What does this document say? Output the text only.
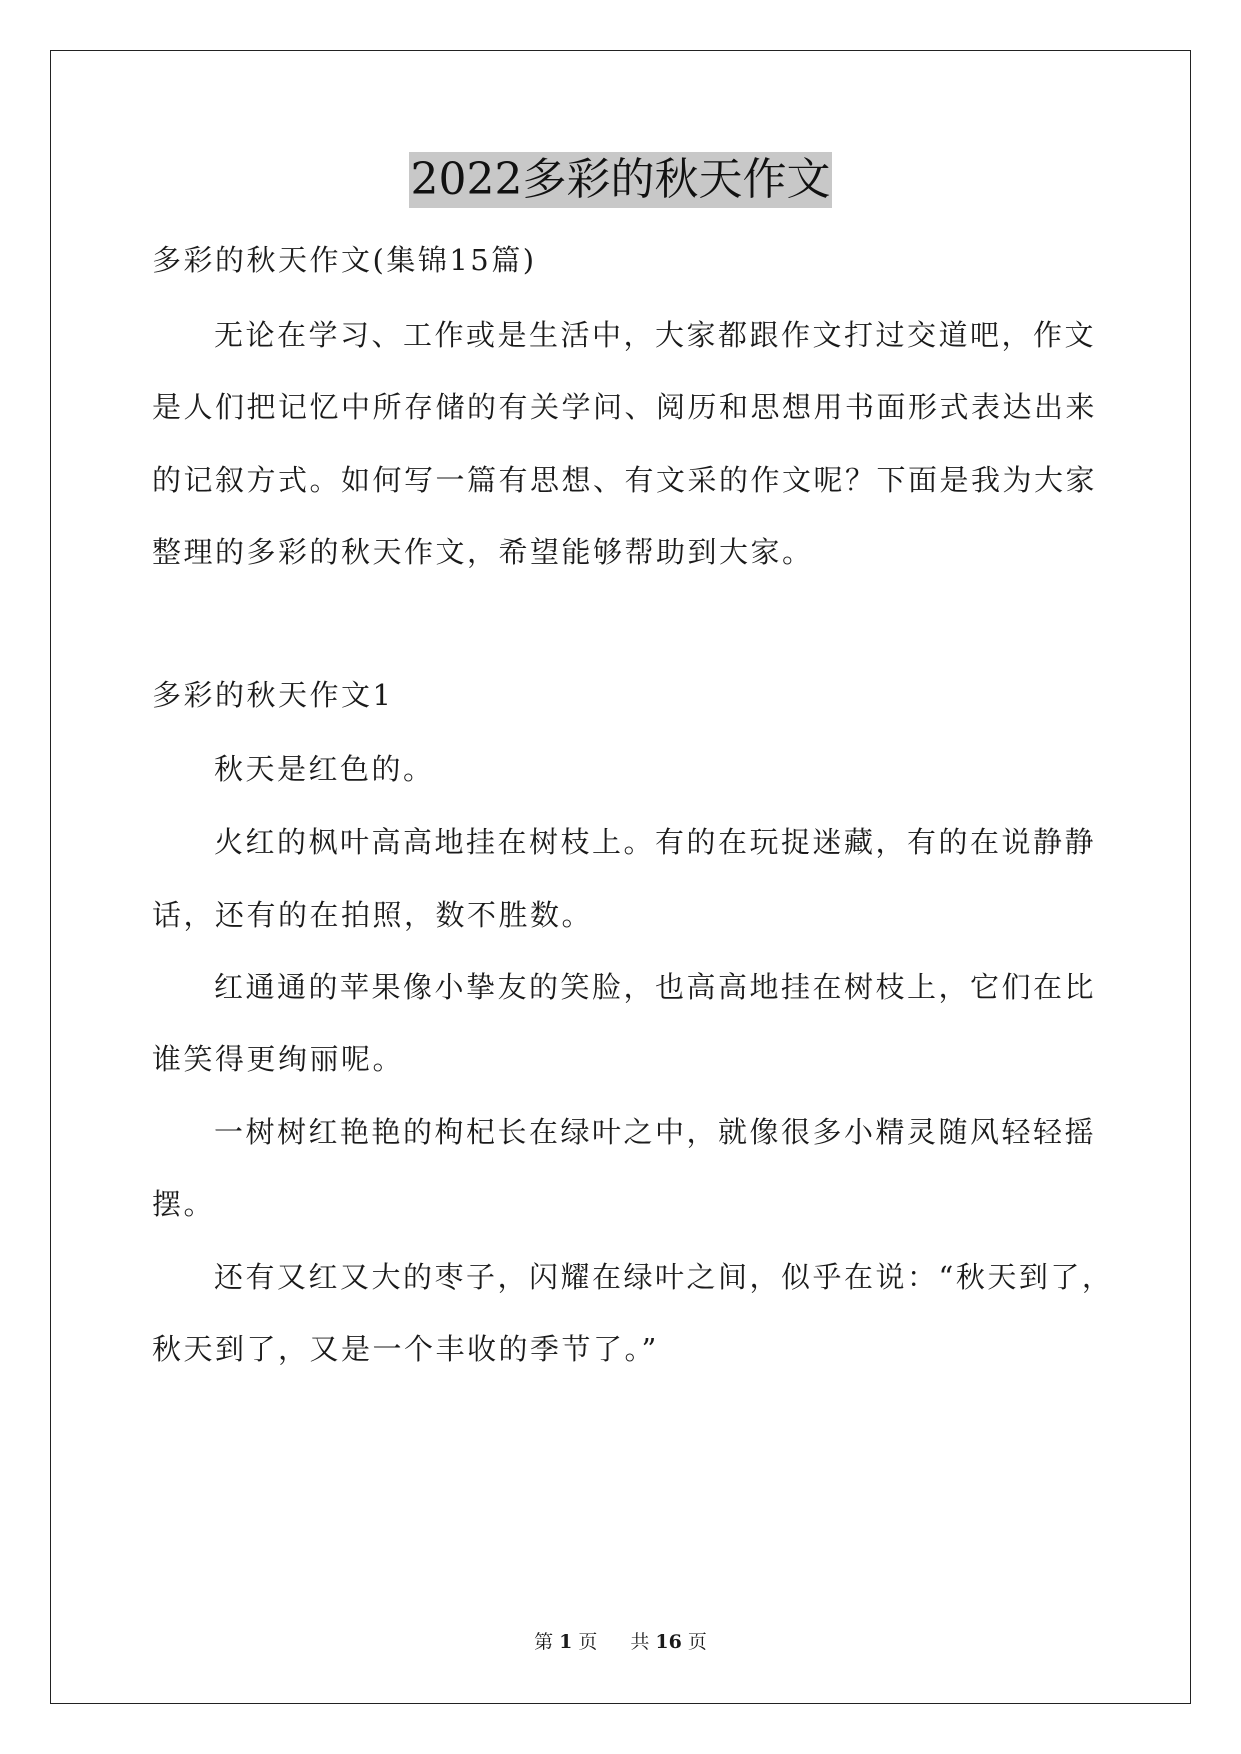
2022多彩的秋天作文
多彩的秋天作文(集锦15篇)
无论在学习、工作或是生活中，大家都跟作文打过交道吧，作文
是人们把记忆中所存储的有关学问、阅历和思想用书面形式表达出来
的记叙方式。如何写一篇有思想、有文采的作文呢？下面是我为大家
整理的多彩的秋天作文，希望能够帮助到大家。
多彩的秋天作文1
秋天是红色的。
火红的枫叶高高地挂在树枝上。有的在玩捉迷藏，有的在说静静
话，还有的在拍照，数不胜数。
红通通的苹果像小挚友的笑脸，也高高地挂在树枝上，它们在比
谁笑得更绚丽呢。
一树树红艳艳的枸杞长在绿叶之中，就像很多小精灵随风轻轻摇
摆。
还有又红又大的枣子，闪耀在绿叶之间，似乎在说：“秋天到了，
秋天到了，又是一个丰收的季节了。”
第 1 页 共 16 页
